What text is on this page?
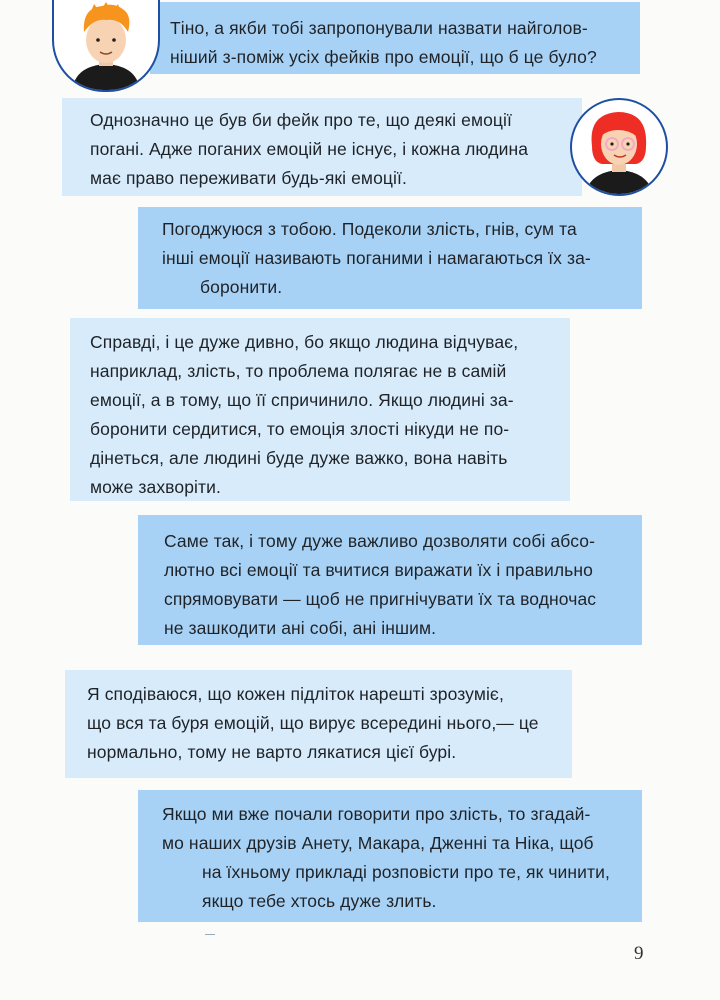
Тіно, а якби тобі запропонували назвати найголов-

ніший з-поміж усіх фейків про емоції, що б це було?

Однозначно це був би фейк про те, що деякі емоції

погані. Адже поганих емоцій не існує, і кожна людина

має право переживати будь-які емоції.

Погоджуюся з тобою. Подеколи злість, гнів, сум та

інші емоції називають поганими і намагаються їх за-

боронити.

Справді, і це дуже дивно, бо якщо людина відчуває,

наприклад, злість, то проблема полягає не в самій

емоції, а в тому, що її спричинило. Якщо людині за-

боронити сердитися, то емоція злості нікуди не по-

дінеться, але людині буде дуже важко, вона навіть

може захворіти.

Саме так, і тому дуже важливо дозволяти собі абсо-

лютно всі емоції та вчитися виражати їх і правильно

спрямовувати — щоб не пригнічувати їх та водночас

не зашкодити ані собі, ані іншим.

Я сподіваюся, що кожен підліток нарешті зрозуміє,

що вся та буря емоцій, що вирує всередині нього,— це

нормально, тому не варто лякатися цієї бурі.

Якщо ми вже почали говорити про злість, то згадай-

мо наших друзів Анету, Макара, Дженні та Ніка, щоб

на їхньому прикладі розповісти про те, як чинити,

якщо тебе хтось дуже злить.

9
